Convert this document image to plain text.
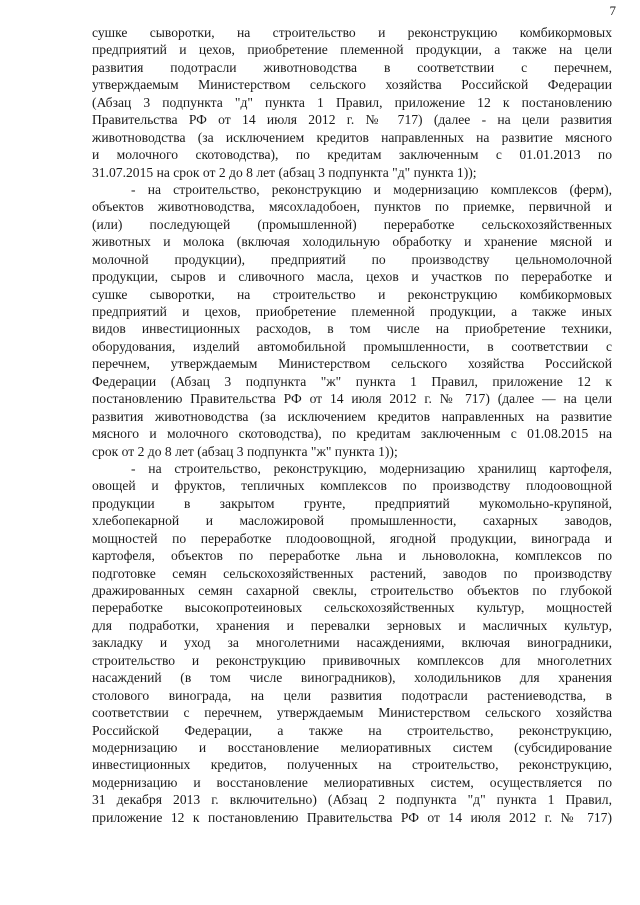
7
сушке сыворотки, на строительство и реконструкцию комбикормовых
предприятий и цехов, приобретение племенной продукции, а также на цели
развития подотрасли животноводства в соответствии с перечнем,
утверждаемым Министерством сельского хозяйства Российской Федерации
(Абзац 3 подпункта "д" пункта 1 Правил, приложение 12 к постановлению
Правительства РФ от 14 июля 2012 г. № 717) (далее - на цели развития
животноводства (за исключением кредитов направленных на развитие мясного
и молочного скотоводства), по кредитам заключенным с 01.01.2013 по
31.07.2015 на срок от 2 до 8 лет (абзац 3 подпункта "д" пункта 1));
- на строительство, реконструкцию и модернизацию комплексов (ферм),
объектов животноводства, мясохладобоен, пунктов по приемке, первичной и
(или) последующей (промышленной) переработке сельскохозяйственных
животных и молока (включая холодильную обработку и хранение мясной и
молочной продукции), предприятий по производству цельномолочной
продукции, сыров и сливочного масла, цехов и участков по переработке и
сушке сыворотки, на строительство и реконструкцию комбикормовых
предприятий и цехов, приобретение племенной продукции, а также иных
видов инвестиционных расходов, в том числе на приобретение техники,
оборудования, изделий автомобильной промышленности, в соответствии с
перечнем, утверждаемым Министерством сельского хозяйства Российской
Федерации (Абзац 3 подпункта "ж" пункта 1 Правил, приложение 12 к
постановлению Правительства РФ от 14 июля 2012 г. № 717) (далее — на цели
развития животноводства (за исключением кредитов направленных на развитие
мясного и молочного скотоводства), по кредитам заключенным с 01.08.2015 на
срок от 2 до 8 лет (абзац 3 подпункта "ж" пункта 1));
- на строительство, реконструкцию, модернизацию хранилищ картофеля,
овощей и фруктов, тепличных комплексов по производству плодоовощной
продукции в закрытом грунте, предприятий мукомольно-крупяной,
хлебопекарной и масложировой промышленности, сахарных заводов,
мощностей по переработке плодоовощной, ягодной продукции, винограда и
картофеля, объектов по переработке льна и льноволокна, комплексов по
подготовке семян сельскохозяйственных растений, заводов по производству
дражированных семян сахарной свеклы, строительство объектов по глубокой
переработке высокопротеиновых сельскохозяйственных культур, мощностей
для подработки, хранения и перевалки зерновых и масличных культур,
закладку и уход за многолетними насаждениями, включая виноградники,
строительство и реконструкцию прививочных комплексов для многолетних
насаждений (в том числе виноградников), холодильников для хранения
столового винограда, на цели развития подотрасли растениеводства, в
соответствии с перечнем, утверждаемым Министерством сельского хозяйства
Российской Федерации, а также на строительство, реконструкцию,
модернизацию и восстановление мелиоративных систем (субсидирование
инвестиционных кредитов, полученных на строительство, реконструкцию,
модернизацию и восстановление мелиоративных систем, осуществляется по
31 декабря 2013 г. включительно) (Абзац 2 подпункта "д" пункта 1 Правил,
приложение 12 к постановлению Правительства РФ от 14 июля 2012 г. № 717)
